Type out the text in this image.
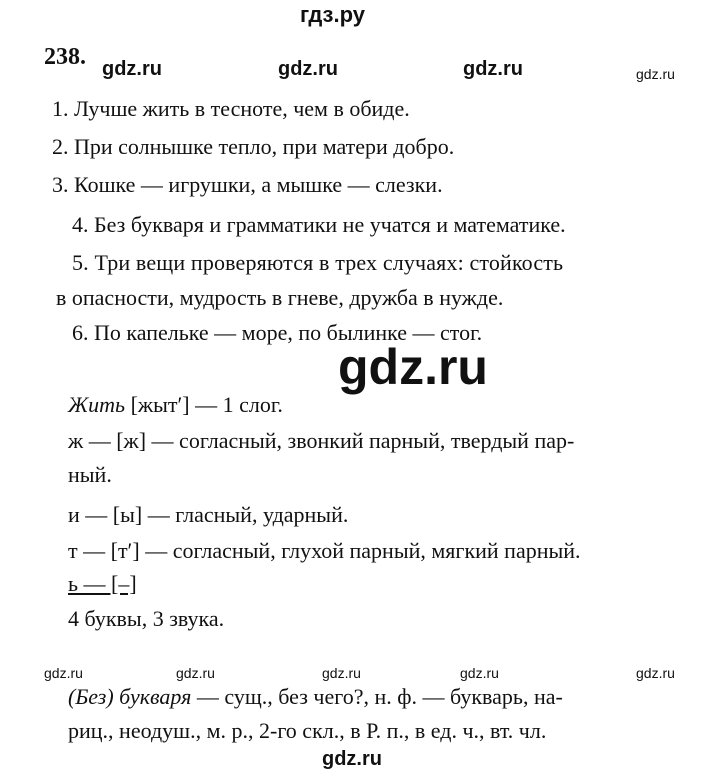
гдз.ру
238. gdz.ru	gdz.ru	gdz.ru	gdz.ru
1. Лучше жить в тесноте, чем в обиде.
2. При солнышке тепло, при матери добро.
3. Кошке — игрушки, а мышке — слезки.
4. Без букваря и грамматики не учатся и математике.
5. Три вещи проверяются в трех случаях: стойкость
в опасности, мудрость в гневе, дружба в нужде.
6. По капельке — море, по былинке — стог.
gdz.ru
Жить [жыт′] — 1 слог.
ж — [ж] — согласный, звонкий парный, твердый пар-
ный.
и — [ы] — гласный, ударный.
т — [т′] — согласный, глухой парный, мягкий парный.
ь — [–]
4 буквы, 3 звука.
gdz.ru	gdz.ru	gdz.ru	gdz.ru	gdz.ru
(Без) букваря — сущ., без чего?, н. ф. — букварь, на-
риц., неодуш., м. р., 2-го скл., в Р. п., в ед. ч., вт. чл.
gdz.ru
